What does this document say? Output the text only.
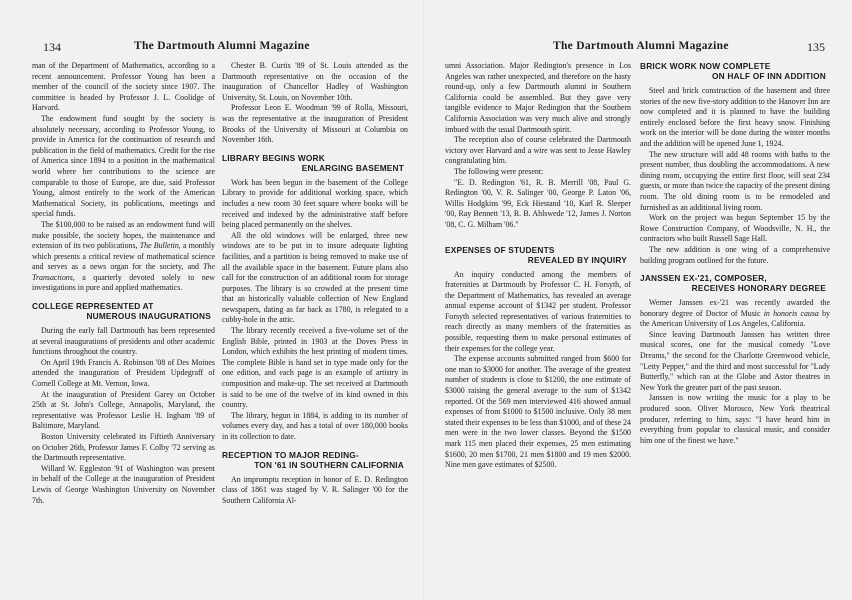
134	The Dartmouth Alumni Magazine

man of the Department of Mathematics, according to a recent announcement. Professor Young has been a member of the council of the society since 1907. The committee is headed by Professor J. L. Coolidge of Harvard.

The endowment fund sought by the society is absolutely necessary, according to Professor Young, to provide in America for the continuation of research and publication in the field of mathematics. Credit for the rise of America since 1894 to a position in the mathematical world where her contributions to the science are comparable to those of Europe, are due, said Professor Young, almost entirely to the work of the American Mathematical Society, its publications, meetings and special funds.

The $100,000 to be raised as an endowment fund will make possible, the society hopes, the maintenance and extension of its two publications, The Bulletin, a monthly which presents a critical review of mathematical science and serves as a news organ for the society, and The Transactions, a quarterly devoted solely to new investigations in pure and applied mathematics.

COLLEGE REPRESENTED AT
NUMEROUS INAUGURATIONS

During the early fall Dartmouth has been represented at several inaugurations of presidents and other academic functions throughout the country.

On April 19th Francis A. Robinson '08 of Des Moines attended the inauguration of President Updegraff of Cornell College at Mt. Vernon, Iowa.

At the inauguration of President Garey on October 25th at St. John's College, Annapolis, Maryland, the representative was Professor Leslie H. Ingham '89 of Baltimore, Maryland.

Boston University celebrated its Fiftieth Anniversary on October 26th, Professor James F. Colby '72 serving as the Dartmouth representative.

Willard W. Eggleston '91 of Washington was present in behalf of the College at the inauguration of President Lewis of George Washington University on November 7th.

Chester B. Curtis '89 of St. Louis attended as the Dartmouth representative on the occasion of the inauguration of Chancellor Hadley of Washington University, St. Louis, on November 10th.

Professor Leon E. Woodman '99 of Rolla, Missouri, was the representative at the inauguration of President Brooks of the University of Missouri at Columbia on November 16th.

LIBRARY BEGINS WORK
ENLARGING BASEMENT

Work has been begun in the basement of the College Library to provide for additional working space, which includes a new room 30 feet square where books will be received and indexed by the administrative staff before being placed permanently on the shelves.

All the old windows will be enlarged, three new windows are to be put in to insure adequate lighting facilities, and a partition is being removed to make use of all the available space in the basement. Future plans also call for the construction of an additional room for storage purposes. The library is so crowded at the present time that an historically valuable collection of New England newspapers, dating as far back as 1780, is relegated to a cubby-hole in the attic.

The library recently received a five-volume set of the English Bible, printed in 1903 at the Doves Press in London, which exhibits the best printing of modern times. The complete Bible is hand set in type made only for the one edition, and each page is an example of artistry in composition and make-up. The set received at Dartmouth is said to be one of the twelve of its kind owned in this country.

The library, begun in 1884, is adding to its number of volumes every day, and has a total of over 180,000 books in its collection to date.

RECEPTION TO MAJOR REDING-
TON '61 IN SOUTHERN CALIFORNIA

An impromptu reception in honor of E. D. Redington class of 1861 was staged by V. R. Salinger '00 for the Southern California Al-

The Dartmouth Alumni Magazine	135

umni Association. Major Redington's presence in Los Angeles was rather unexpected, and therefore on the hasty round-up, only a few Dartmouth alumni in Southern California could be assembled. But they gave very tangible evidence to Major Redington that the Southern California Association was very much alive and strongly imbued with the usual Dartmouth spirit.

The reception also of course celebrated the Dartmouth victory over Harvard and a wire was sent to Jesse Hawley congratulating him.

The following were present:

"E. D. Redington '61, R. B. Merrill '08, Paul G. Redington '00, V. R. Salinger '00, George P. Laton '06, Willis Hodgkins '99, Eck Hiestand '10, Karl R. Sleeper '00, Ray Bennett '13, R. B. Ahlswede '12, James J. Norton '08, C. G. Milham '06."

EXPENSES OF STUDENTS
REVEALED BY INQUIRY

An inquiry conducted among the members of fraternities at Dartmouth by Professor C. H. Forsyth, of the Department of Mathematics, has revealed an average annual expense account of $1342 per student. Professor Forsyth selected representatives of various fraternities to reach directly as many members of the fraternities as possible, requesting them to make personal estimates of their expenses for the college year.

The expense accounts submitted ranged from $600 for one man to $3000 for another. The average of the greatest number of students is close to $1200, the one estimate of $3000 raising the general average to the sum of $1342 reported. Of the 569 men interviewed 416 showed annual expenses of from $1000 to $1500 inclusive. Only 38 men stated their expenses to be less than $1000, and of these 24 men were in the two lower classes. Beyond the $1500 mark 115 men placed their expenses, 25 men estimating $1600, 20 men $1700, 21 men $1800 and 19 men $2000. Nine men gave estimates of $2500.

BRICK WORK NOW COMPLETE
ON HALF OF INN ADDITION

Steel and brick construction of the basement and three stories of the new five-story addition to the Hanover Inn are now completed and it is planned to have the building entirely enclosed before the first heavy snow. Finishing work on the interior will be done during the winter months and the addition will be opened June 1, 1924.

The new structure will add 48 rooms with baths to the present number, thus doubling the accommodations. A new dining room, occupying the entire first floor, will seat 234 guests, or more than twice the capacity of the present dining room. The old dining room is to be remodeled and furnished as an additional living room.

Work on the project was begun September 15 by the Rowe Construction Company, of Woodsville, N. H., the contractors who built Russell Sage Hall.

The new addition is one wing of a comprehensive building program outlined for the future.

JANSSEN EX-'21, COMPOSER,
RECEIVES HONORARY DEGREE

Werner Janssen ex-'21 was recently awarded the honorary degree of Doctor of Music in honoris causa by the American University of Los Angeles, California.

Since leaving Dartmouth Janssen has written three musical scores, one for the musical comedy "Love Dreams," the second for the Charlotte Greenwood vehicle, "Letty Pepper," and the third and most successful for "Lady Butterfly," which ran at the Globe and Astor theatres in New York the greater part of the past season.

Janssen is now writing the music for a play to be produced soon. Oliver Morosco, New York theatrical producer, referring to him, says: "I have heard him in everything from popular to classical music, and consider him one of the finest we have."
